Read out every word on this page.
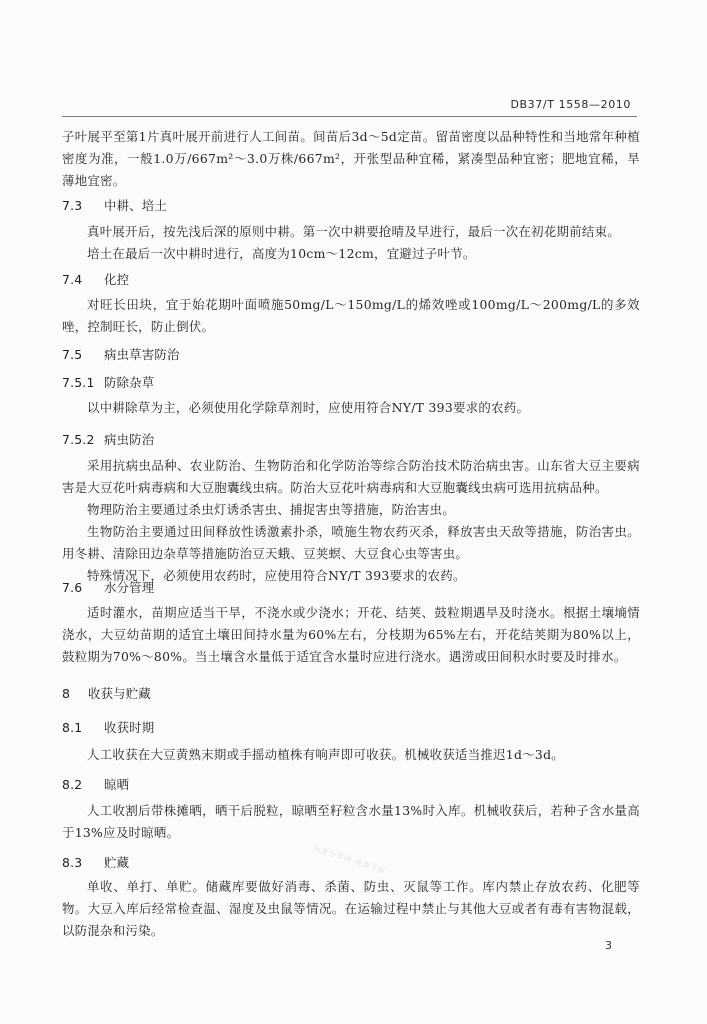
DB37/T 1558—2010

子叶展平至第1片真叶展开前进行人工间苗。间苗后3d～5d定苗。留苗密度以品种特性和当地常年种植密度为准，一般1.0万/667m²～3.0万株/667m²，开张型品种宜稀，紧凑型品种宜密；肥地宜稀，旱薄地宜密。

7.3 中耕、培土

真叶展开后，按先浅后深的原则中耕。第一次中耕要抢晴及早进行，最后一次在初花期前结束。

培土在最后一次中耕时进行，高度为10cm～12cm，宜避过子叶节。

7.4 化控

对旺长田块，宜于始花期叶面喷施50mg/L～150mg/L的烯效唑或100mg/L～200mg/L的多效唑，控制旺长，防止倒伏。

7.5 病虫草害防治
7.5.1 防除杂草

以中耕除草为主，必须使用化学除草剂时，应使用符合NY/T 393要求的农药。

7.5.2 病虫防治

采用抗病虫品种、农业防治、生物防治和化学防治等综合防治技术防治病虫害。山东省大豆主要病害是大豆花叶病毒病和大豆胞囊线虫病。防治大豆花叶病毒病和大豆胞囊线虫病可选用抗病品种。

物理防治主要通过杀虫灯诱杀害虫、捕捉害虫等措施，防治害虫。

生物防治主要通过田间释放性诱激素扑杀，喷施生物农药灭杀，释放害虫天敌等措施，防治害虫。用冬耕、清除田边杂草等措施防治豆天蛾、豆荚螟、大豆食心虫等害虫。

特殊情况下，必须使用农药时，应使用符合NY/T 393要求的农药。

7.6 水分管理

适时灌水，苗期应适当干旱，不浇水或少浇水；开花、结荚、鼓粒期遇旱及时浇水。根据土壤墒情浇水，大豆幼苗期的适宜土壤田间持水量为60%左右，分枝期为65%左右，开花结荚期为80%以上，鼓粒期为70%～80%。当土壤含水量低于适宜含水量时应进行浇水。遇涝或田间积水时要及时排水。

8 收获与贮藏
8.1 收获时期

人工收获在大豆黄熟末期或手摇动植株有响声即可收获。机械收获适当推迟1d～3d。

8.2 晾晒

人工收割后带株摊晒，晒干后脱粒，晾晒至籽粒含水量13%时入库。机械收获后，若种子含水量高于13%应及时晾晒。

8.3 贮藏

单收、单打、单贮。储藏库要做好消毒、杀菌、防虫、灭鼠等工作。库内禁止存放农药、化肥等物。大豆入库后经常检查温、湿度及虫鼠等情况。在运输过程中禁止与其他大豆或者有毒有害物混载，以防混杂和污染。

标准分享网 免费下载
3
